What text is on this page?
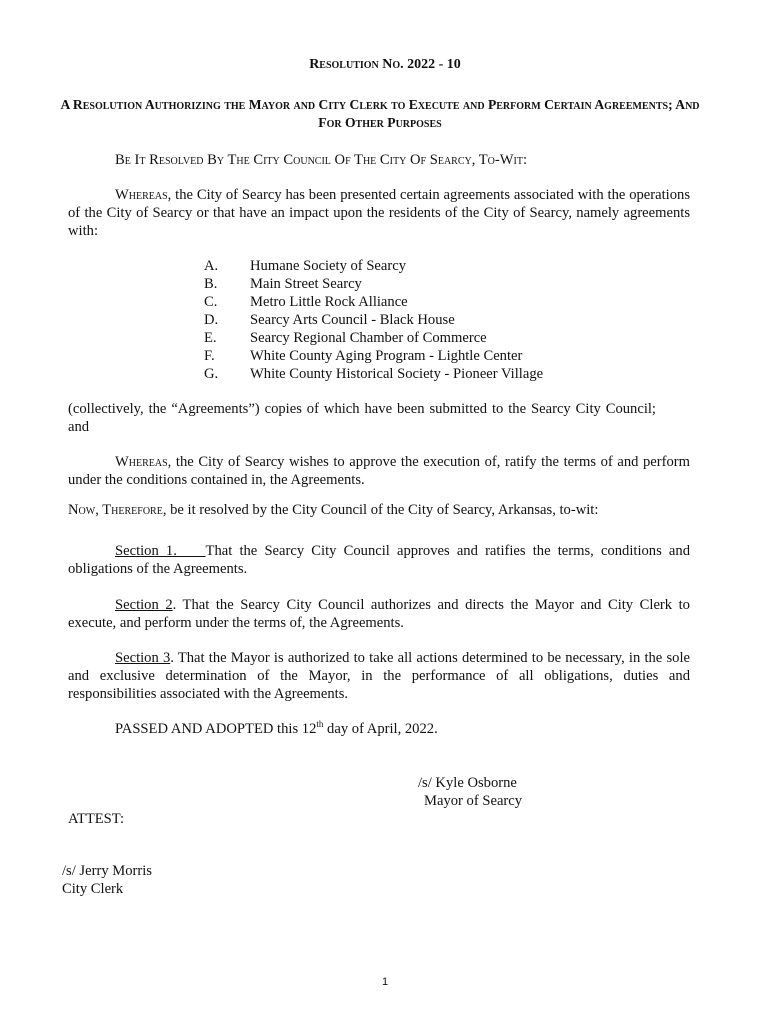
Resolution No. 2022 - 10
A Resolution Authorizing the Mayor and City Clerk to Execute and Perform Certain Agreements; And For Other Purposes
Be It Resolved By The City Council Of The City Of Searcy, To-Wit:

Whereas, the City of Searcy has been presented certain agreements associated with the operations of the City of Searcy or that have an impact upon the residents of the City of Searcy, namely agreements with:

A.	Humane Society of Searcy
B.	Main Street Searcy
C.	Metro Little Rock Alliance
D.	Searcy Arts Council - Black House
E.	Searcy Regional Chamber of Commerce
F.	White County Aging Program - Lightle Center
G.	White County Historical Society - Pioneer Village

(collectively, the “Agreements”) copies of which have been submitted to the Searcy City Council; and

Whereas, the City of Searcy wishes to approve the execution of, ratify the terms of and perform under the conditions contained in, the Agreements.

Now, Therefore, be it resolved by the City Council of the City of Searcy, Arkansas, to-wit:

Section 1. That the Searcy City Council approves and ratifies the terms, conditions and obligations of the Agreements.

Section 2. That the Searcy City Council authorizes and directs the Mayor and City Clerk to execute, and perform under the terms of, the Agreements.

Section 3. That the Mayor is authorized to take all actions determined to be necessary, in the sole and exclusive determination of the Mayor, in the performance of all obligations, duties and responsibilities associated with the Agreements.

PASSED AND ADOPTED this 12th day of April, 2022.

/s/ Kyle Osborne
Mayor of Searcy
ATTEST:
/s/ Jerry Morris
City Clerk
1
